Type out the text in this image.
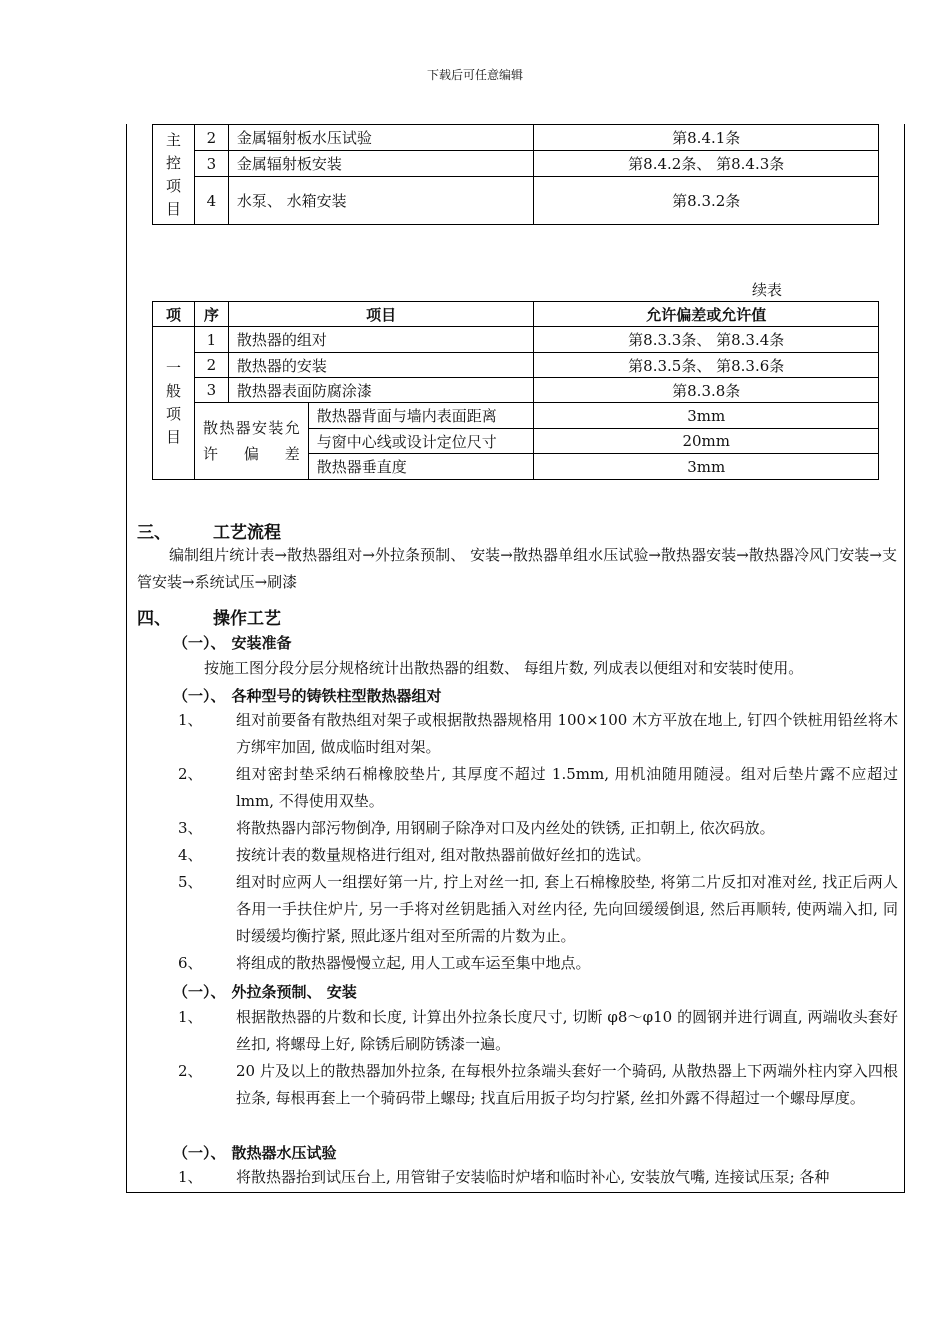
下载后可任意编辑
主
控
项
目	2	金属辐射板水压试验	第8.4.1条
	3	金属辐射板安装	第8.4.2条、 第8.4.3条
	4	水泵、 水箱安装	第8.3.2条
续表
项	序	项目		允许偏差或允许值
一
般
项
目	1	散热器的组对		第8.3.3条、 第8.3.4条
	2	散热器的安装		第8.3.5条、 第8.3.6条
	3	散热器表面防腐涂漆		第8.3.8条
	散热器安装允许偏差		散热器背面与墙内表面距离	3mm
			与窗中心线或设计定位尺寸	20mm
			散热器垂直度	3mm
三、 工艺流程
编制组片统计表→散热器组对→外拉条预制、 安装→散热器单组水压试验→散热器安装→散热器冷风门安装→支管安装→系统试压→刷漆
四、 操作工艺
（一）、 安装准备
按施工图分段分层分规格统计出散热器的组数、 每组片数, 列成表以便组对和安装时使用。
（一）、 各种型号的铸铁柱型散热器组对
1、 组对前要备有散热组对架子或根据散热器规格用 100×100 木方平放在地上, 钉四个铁桩用铅丝将木方绑牢加固, 做成临时组对架。
2、 组对密封垫采纳石棉橡胶垫片, 其厚度不超过 1.5mm, 用机油随用随浸。组对后垫片露不应超过 lmm, 不得使用双垫。
3、 将散热器内部污物倒净, 用钢刷子除净对口及内丝处的铁锈, 正扣朝上, 依次码放。
4、 按统计表的数量规格进行组对, 组对散热器前做好丝扣的选试。
5、 组对时应两人一组摆好第一片, 拧上对丝一扣, 套上石棉橡胶垫, 将第二片反扣对准对丝, 找正后两人各用一手扶住炉片, 另一手将对丝钥匙插入对丝内径, 先向回缓缓倒退, 然后再顺转, 使两端入扣, 同时缓缓均衡拧紧, 照此逐片组对至所需的片数为止。
6、 将组成的散热器慢慢立起, 用人工或车运至集中地点。
（一）、 外拉条预制、 安装
1、 根据散热器的片数和长度, 计算出外拉条长度尺寸, 切断 φ8～φ10 的圆钢并进行调直, 两端收头套好丝扣, 将螺母上好, 除锈后刷防锈漆一遍。
2、 20 片及以上的散热器加外拉条, 在每根外拉条端头套好一个骑码, 从散热器上下两端外柱内穿入四根拉条, 每根再套上一个骑码带上螺母; 找直后用扳子均匀拧紧, 丝扣外露不得超过一个螺母厚度。
（一）、 散热器水压试验
1、 将散热器抬到试压台上, 用管钳子安装临时炉堵和临时补心, 安装放气嘴, 连接试压泵; 各种
